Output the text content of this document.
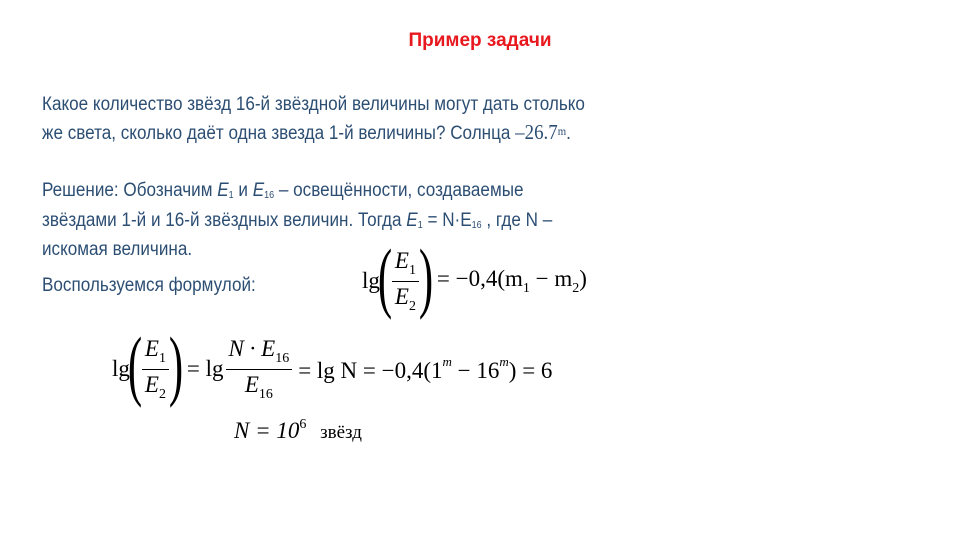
Пример задачи
Какое количество звёзд 16-й звёздной величины могут дать столько
же света, сколько даёт одна звезда 1-й величины? Солнца –26.7$^m$.
Решение: Обозначим $E_1$ и $E_{16}$ – освещённости, создаваемые
звёздами 1-й и 16-й звёздных величин. Тогда $E_1 = N\cdot E_{16}$ , где N –
искомая величина.
Воспользуемся формулой:	lg
( $\frac{E_1}{E_2}$ ) = $-0,4(m_1 - m_2)$
lg
( $\frac{E_1}{E_2}$ ) = $\lg \frac{N \cdot E_{16}}{E_{16}} = \lg N = -0,4(1^m - 16^m) = 6$
$N = 10^6$ звёзд
